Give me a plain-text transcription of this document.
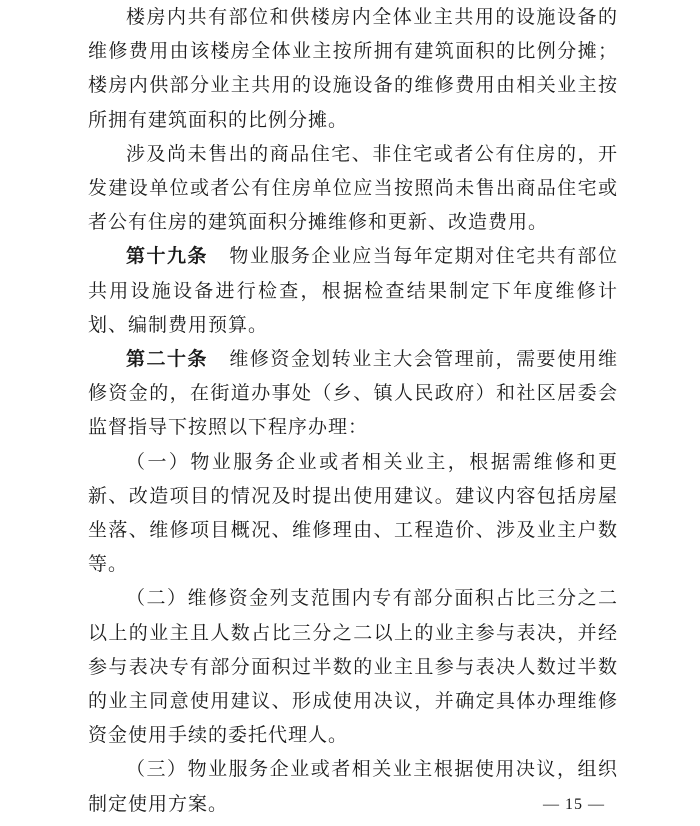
楼房内共有部位和供楼房内全体业主共用的设施设备的维修费用由该楼房全体业主按所拥有建筑面积的比例分摊；楼房内供部分业主共用的设施设备的维修费用由相关业主按所拥有建筑面积的比例分摊。

涉及尚未售出的商品住宅、非住宅或者公有住房的，开发建设单位或者公有住房单位应当按照尚未售出商品住宅或者公有住房的建筑面积分摊维修和更新、改造费用。

第十九条   物业服务企业应当每年定期对住宅共有部位共用设施设备进行检查，根据检查结果制定下年度维修计划、编制费用预算。

第二十条   维修资金划转业主大会管理前，需要使用维修资金的，在街道办事处（乡、镇人民政府）和社区居委会监督指导下按照以下程序办理：

（一）物业服务企业或者相关业主，根据需维修和更新、改造项目的情况及时提出使用建议。建议内容包括房屋坐落、维修项目概况、维修理由、工程造价、涉及业主户数等。

（二）维修资金列支范围内专有部分面积占比三分之二以上的业主且人数占比三分之二以上的业主参与表决，并经参与表决专有部分面积过半数的业主且参与表决人数过半数的业主同意使用建议、形成使用决议，并确定具体办理维修资金使用手续的委托代理人。

（三）物业服务企业或者相关业主根据使用决议，组织制定使用方案。	— 15 —
